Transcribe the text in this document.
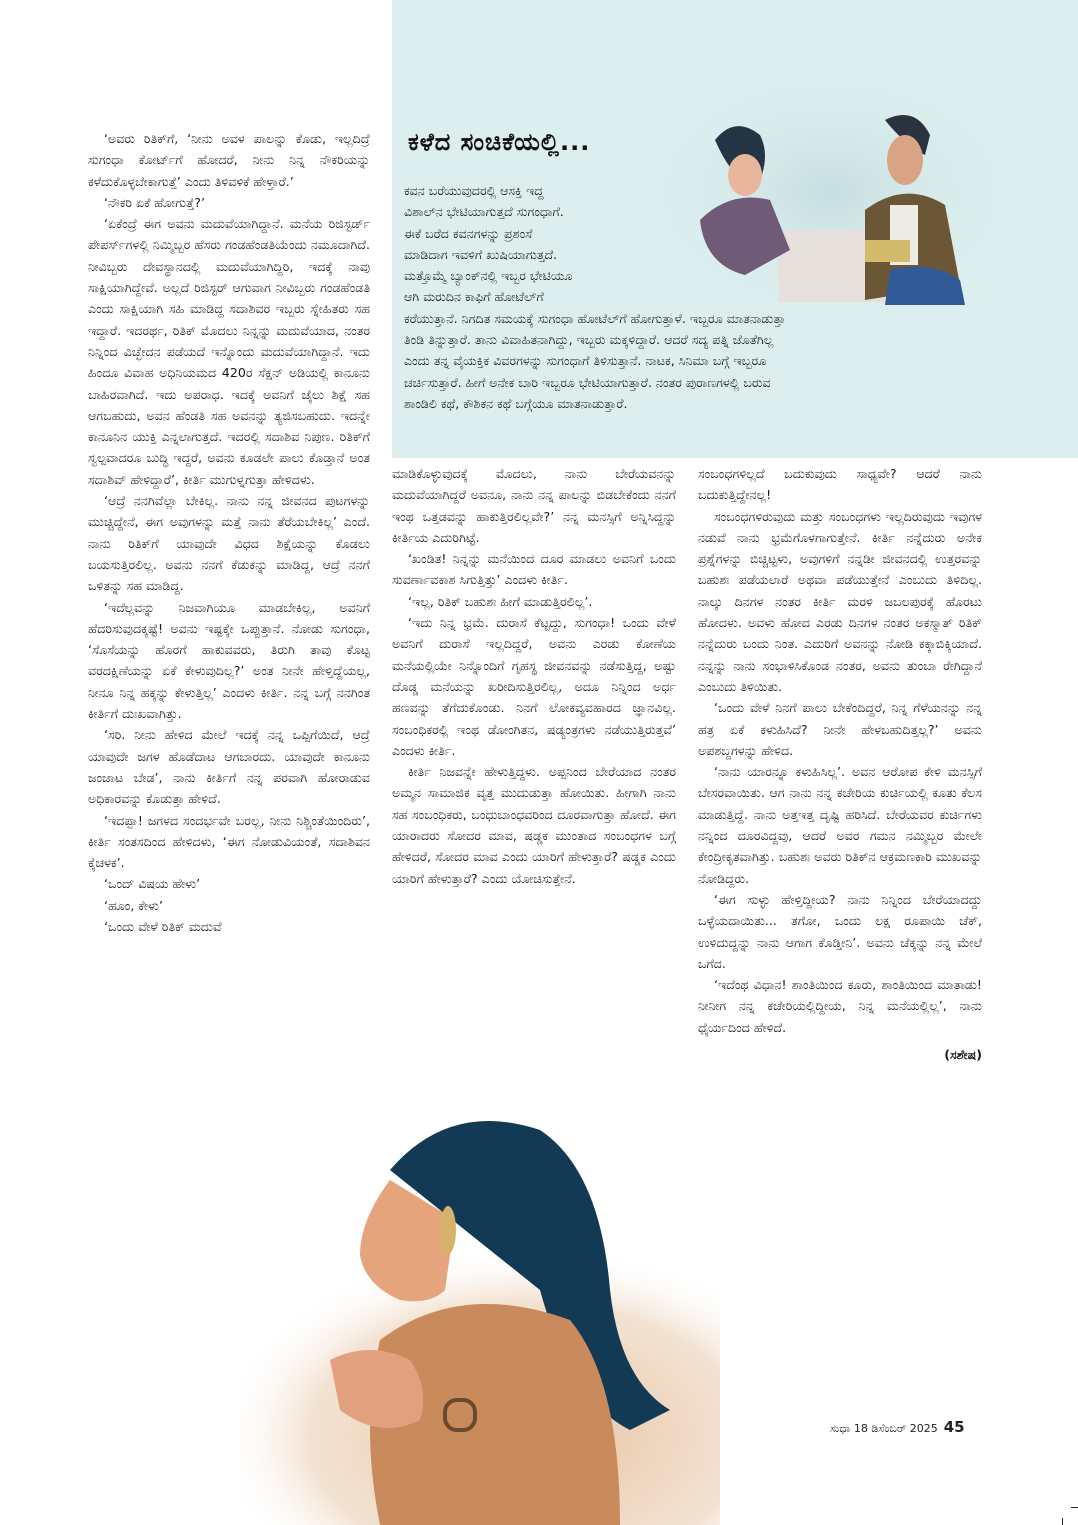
ಕಳೆದ ಸಂಚಿಕೆಯಲ್ಲಿ...
ಕವನ ಬರೆಯುವುದರಲ್ಲಿ ಆಸಕ್ತಿ ಇದ್ದ
ವಿಶಾಲ್‌ನ ಭೇಟಿಯಾಗುತ್ತದೆ ಸುಗಂಧಾಗೆ.
ಈಕೆ ಬರೆದ ಕವನಗಳನ್ನು ಪ್ರಶಂಸೆ
ಮಾಡಿದಾಗ ಇವಳಿಗೆ ಖುಷಿಯಾಗುತ್ತದೆ.
ಮತ್ತೊಮ್ಮೆ ಬ್ಯಾಂಕ್‌ನಲ್ಲಿ ಇಬ್ಬರ ಭೇಟಿಯೂ
ಆಗಿ ಮರುದಿನ ಕಾಫಿಗೆ ಹೋಟೆಲ್‌ಗೆ
ಕರೆಯುತ್ತಾನೆ. ನಿಗದಿತ ಸಮಯಕ್ಕೆ ಸುಗಂಧಾ ಹೋಟೆಲ್‌ಗೆ ಹೋಗುತ್ತಾಳೆ. ಇಬ್ಬರೂ ಮಾತನಾಡುತ್ತಾ
ತಿಂಡಿ ತಿನ್ನುತ್ತಾರೆ. ತಾನು ವಿವಾಹಿತನಾಗಿದ್ದು, ಇಬ್ಬರು ಮಕ್ಕಳಿದ್ದಾರೆ. ಆದರೆ ಸದ್ಯ ಪತ್ನಿ ಜೊತೆಗಿಲ್ಲ
ಎಂದು ತನ್ನ ವೈಯಕ್ತಿಕ ವಿವರಗಳನ್ನು ಸುಗಂಧಾಗೆ ತಿಳಿಸುತ್ತಾನೆ. ನಾಟಕ, ಸಿನಿಮಾ ಬಗ್ಗೆ ಇಬ್ಬರೂ
ಚರ್ಚಿಸುತ್ತಾರೆ. ಹೀಗೆ ಅನೇಕ ಬಾರಿ ಇಬ್ಬರೂ ಭೇಟಿಯಾಗುತ್ತಾರೆ. ನಂತರ ಪುರಾಣಗಳಲ್ಲಿ ಬರುವ
ಶಾಂಡಿಲಿ ಕಥೆ, ಕೌಶಿಕನ ಕಥೆ ಬಗ್ಗೆಯೂ ಮಾತನಾಡುತ್ತಾರೆ.

‘ಅವರು ರಿತಿಕ್‌ಗೆ, ‘ನೀನು ಅವಳ ಪಾಲನ್ನು ಕೊಡು, ಇಲ್ಲದಿದ್ರೆ ಸುಗಂಧಾ ಕೋರ್ಟ್‌ಗೆ ಹೋದರೆ, ನೀನು ನಿನ್ನ ನೌಕರಿಯನ್ನು ಕಳೆದುಕೊಳ್ಳಬೇಕಾಗುತ್ತೆ’ ಎಂದು ತಿಳಿವಳಿಕೆ ಹೇಳ್ತಾರೆ.’

‘ನೌಕರಿ ಏಕೆ ಹೋಗುತ್ತೆ?’

‘ಏಕೆಂದ್ರೆ ಈಗ ಅವನು ಮದುವೆಯಾಗಿದ್ದಾನೆ. ಮನೆಯ ರಿಜಿಸ್ಟರ್ಡ್ ಪೇಪರ್ಸ್‌ಗಳಲ್ಲಿ ನಿಮ್ಮಿಬ್ಬರ ಹೆಸರು ಗಂಡಹೆಂಡತಿಯೆಂದು ನಮೂದಾಗಿದೆ. ನೀವಿಬ್ಬರು ದೇವಸ್ಥಾನದಲ್ಲಿ ಮದುವೆಯಾಗಿದ್ದಿರಿ, ಇದಕ್ಕೆ ನಾವು ಸಾಕ್ಷಿಯಾಗಿದ್ದೇವೆ. ಅಲ್ಲದೆ ರಿಜಿಸ್ಟರ್ ಆಗುವಾಗ ನೀವಿಬ್ಬರು ಗಂಡಹೆಂಡತಿ ಎಂದು ಸಾಕ್ಷಿಯಾಗಿ ಸಹಿ ಮಾಡಿದ್ದ ಸದಾಶಿವರ ಇಬ್ಬರು ಸ್ನೇಹಿತರು ಸಹ ಇದ್ದಾರೆ. ಇದರರ್ಥ, ರಿತಿಕ್ ಮೊದಲು ನಿನ್ನನ್ನು ಮದುವೆಯಾದ, ನಂತರ ನಿನ್ನಿಂದ ವಿಚ್ಛೇದನ ಪಡೆಯದೆ ಇನ್ನೊಂದು ಮದುವೆಯಾಗಿದ್ದಾನೆ. ಇದು ಹಿಂದೂ ವಿವಾಹ ಅಧಿನಿಯಮದ 420ರ ಸೆಕ್ಷನ್ ಅಡಿಯಲ್ಲಿ ಕಾನೂನು ಬಾಹಿರವಾಗಿದೆ. ಇದು ಅಪರಾಧ. ಇದಕ್ಕೆ ಅವನಿಗೆ ಜೈಲು ಶಿಕ್ಷೆ ಸಹ ಆಗಬಹುದು, ಅವನ ಹೆಂಡತಿ ಸಹ ಅವನನ್ನು ತ್ಯಜಿಸಬಹುದು. ಇದನ್ನೇ ಕಾನೂನಿನ ಯುಕ್ತಿ ಎನ್ನಲಾಗುತ್ತದೆ. ಇದರಲ್ಲಿ ಸದಾಶಿವ ನಿಪುಣ. ರಿತಿಕ್‌ಗೆ ಸ್ವಲ್ಪವಾದರೂ ಬುದ್ಧಿ ಇದ್ದರೆ, ಅವನು ಕೂಡಲೇ ಪಾಲು ಕೊಡ್ತಾನೆ ಅಂತ ಸದಾಶಿವ್ ಹೇಳಿದ್ದಾರೆ’, ಕೀರ್ತಿ ಮುಗುಳ್ನಗುತ್ತಾ ಹೇಳಿದಳು.

‘ಆದ್ರೆ ನನಗಿವೆಲ್ಲಾ ಬೇಕಿಲ್ಲ. ನಾನು ನನ್ನ ಜೀವನದ ಪುಟಗಳನ್ನು ಮುಚ್ಚಿದ್ದೇನೆ, ಈಗ ಅವುಗಳನ್ನು ಮತ್ತೆ ನಾನು ತೆರೆಯಬೇಕಿಲ್ಲ’ ಎಂದೆ. ನಾನು ರಿತಿಕ್‌ಗೆ ಯಾವುದೇ ವಿಧದ ಶಿಕ್ಷೆಯನ್ನು ಕೊಡಲು ಬಯಸುತ್ತಿರಲಿಲ್ಲ. ಅವನು ನನಗೆ ಕೆಡುಕನ್ನು ಮಾಡಿದ್ದ, ಆದ್ರೆ ನನಗೆ ಒಳಿತನ್ನು ಸಹ ಮಾಡಿದ್ದ.

‘ಇದೆಲ್ಲವನ್ನು ನಿಜವಾಗಿಯೂ ಮಾಡಬೇಕಿಲ್ಲ, ಅವನಿಗೆ ಹೆದರಿಸುವುದಕ್ಕಷ್ಟೆ! ಅವನು ಇಷ್ಟಕ್ಕೇ ಒಪ್ಪುತ್ತಾನೆ. ನೋಡು ಸುಗಂಧಾ, ‘ಸೊಸೆಯನ್ನು ಹೊರಗೆ ಹಾಕುವವರು, ತಿರುಗಿ ತಾವು ಕೊಟ್ಟ ವರದಕ್ಷಿಣೆಯನ್ನು ಏಕೆ ಕೇಳುವುದಿಲ್ಲ?’ ಅಂತ ನೀನೇ ಹೇಳ್ತಿದ್ದೆಯಲ್ಲ, ನೀನೂ ನಿನ್ನ ಹಕ್ಕನ್ನು ಕೇಳುತ್ತಿಲ್ಲ’ ಎಂದಳು ಕೀರ್ತಿ. ನನ್ನ ಬಗ್ಗೆ ನನಗಿಂತ ಕೀರ್ತಿಗೆ ದುಃಖವಾಗಿತ್ತು.

‘ಸರಿ. ನೀನು ಹೇಳಿದ ಮೇಲೆ ಇದಕ್ಕೆ ನನ್ನ ಒಪ್ಪಿಗೆಯಿದೆ, ಆದ್ರೆ ಯಾವುದೇ ಜಗಳ ಹೊಡೆದಾಟ ಆಗಬಾರದು. ಯಾವುದೇ ಕಾನೂನು ಜಂಜಾಟ ಬೇಡ’, ನಾನು ಕೀರ್ತಿಗೆ ನನ್ನ ಪರವಾಗಿ ಹೋರಾಡುವ ಅಧಿಕಾರವನ್ನು ಕೊಡುತ್ತಾ ಹೇಳಿದೆ.

‘ಇದಪ್ಪಾ! ಜಗಳದ ಸಂದರ್ಭವೇ ಬರಲ್ಲ, ನೀನು ನಿಶ್ಚಿಂತೆಯಿಂದಿರು’, ಕೀರ್ತಿ ಸಂತಸದಿಂದ ಹೇಳಿದಳು, ‘ಈಗ ನೋಡುವಿಯಂತೆ, ಸದಾಶಿವನ ಕೈಚಳಕ’.

‘ಒಂದ್ ವಿಷಯ ಹೇಳು’

‘ಹೂಂ, ಕೇಳು’

‘ಒಂದು ವೇಳೆ ರಿತಿಕ್ ಮದುವೆ

ಮಾಡಿಕೊಳ್ಳುವುದಕ್ಕೆ ಮೊದಲು, ನಾನು ಬೇರೆಯವನನ್ನು ಮದುವೆಯಾಗಿದ್ದರೆ ಅವನೂ, ನಾನು ನನ್ನ ಪಾಲನ್ನು ಬಿಡಬೇಕೆಂದು ನನಗೆ ಇಂಥ ಒತ್ತಡವನ್ನು ಹಾಕುತ್ತಿರಲಿಲ್ಲವೇ?’ ನನ್ನ ಮನಸ್ಸಿಗೆ ಅನ್ನಿಸಿದ್ದನ್ನು ಕೀರ್ತಿಯ ಎದುರಿಗಿಟ್ಟೆ.

‘ಖಂಡಿತ! ನಿನ್ನನ್ನು ಮನೆಯಿಂದ ದೂರ ಮಾಡಲು ಅವನಿಗೆ ಒಂದು ಸುವರ್ಣಾವಕಾಶ ಸಿಗುತ್ತಿತ್ತು’ ಎಂದಳು ಕೀರ್ತಿ.

‘ಇಲ್ಲ, ರಿತಿಕ್ ಬಹುಶಃ ಹೀಗೆ ಮಾಡುತ್ತಿರಲಿಲ್ಲ’.

‘ಇದು ನಿನ್ನ ಭ್ರಮೆ. ದುರಾಸೆ ಕೆಟ್ಟದ್ದು, ಸುಗಂಧಾ! ಒಂದು ವೇಳೆ ಅವನಿಗೆ ದುರಾಸೆ ಇಲ್ಲದಿದ್ದರೆ, ಅವನು ಎರಡು ಕೋಣೆಯ ಮನೆಯಲ್ಲಿಯೇ ನಿನ್ನೊಂದಿಗೆ ಗೃಹಸ್ಥ ಜೀವನವನ್ನು ನಡೆಸುತ್ತಿದ್ದ, ಅಷ್ಟು ದೊಡ್ಡ ಮನೆಯನ್ನು ಖರೀದಿಸುತ್ತಿರಲಿಲ್ಲ, ಅದೂ ನಿನ್ನಿಂದ ಅರ್ಧ ಹಣವನ್ನು ತೆಗೆದುಕೊಂಡು. ನಿನಗೆ ಲೋಕವ್ಯವಹಾರದ ಜ್ಞಾನವಿಲ್ಲ. ಸಂಬಂಧಿಕರಲ್ಲಿ ಇಂಥ ಡೋಂಗಿತನ, ಷಡ್ಯಂತ್ರಗಳು ನಡೆಯುತ್ತಿರುತ್ತವೆ’ ಎಂದಳು ಕೀರ್ತಿ.

ಕೀರ್ತಿ ನಿಜವನ್ನೇ ಹೇಳುತ್ತಿದ್ದಳು. ಅಪ್ಪನಿಂದ ಬೇರೆಯಾದ ನಂತರ ಅಮ್ಮನ ಸಾಮಾಜಿಕ ವೃತ್ತ ಮುದುಡುತ್ತಾ ಹೋಯಿತು. ಹೀಗಾಗಿ ನಾನು ಸಹ ಸಂಬಂಧಿಕರು, ಬಂಧುಬಾಂಧವರಿಂದ ದೂರವಾಗುತ್ತಾ ಹೋದೆ. ಈಗ ಯಾರಾದರು ಸೋದರ ಮಾವ, ಷಡ್ಡಕ ಮುಂತಾದ ಸಂಬಂಧಗಳ ಬಗ್ಗೆ ಹೇಳಿದರೆ, ಸೋದರ ಮಾವ ಎಂದು ಯಾರಿಗೆ ಹೇಳುತ್ತಾರೆ? ಷಡ್ಡಕ ಎಂದು ಯಾರಿಗೆ ಹೇಳುತ್ತಾರೆ? ಎಂದು ಯೋಚಿಸುತ್ತೇನೆ.

ಸಂಬಂಧಗಳಿಲ್ಲದೆ ಬದುಕುವುದು ಸಾಧ್ಯವೇ? ಆದರೆ ನಾನು ಬದುಕುತ್ತಿದ್ದೇನಲ್ಲ!

ಸಂಬಂಧಗಳಿರುವುದು ಮತ್ತು ಸಂಬಂಧಗಳು ಇಲ್ಲದಿರುವುದು ಇವುಗಳ ನಡುವೆ ನಾನು ಭ್ರಮೆಗೊಳಗಾಗುತ್ತೇನೆ. ಕೀರ್ತಿ ನನ್ನೆದುರು ಅನೇಕ ಪ್ರಶ್ನೆಗಳನ್ನು ಬಿಚ್ಚಿಟ್ಟಳು, ಅವುಗಳಿಗೆ ನನ್ನಡೀ ಜೀವನದಲ್ಲಿ ಉತ್ತರವನ್ನು ಬಹುಶಃ ಪಡೆಯಲಾರೆ ಅಥವಾ ಪಡೆಯುತ್ತೇನೆ ಎಂಬುದು ತಿಳಿದಿಲ್ಲ. ನಾಲ್ಕು ದಿನಗಳ ನಂತರ ಕೀರ್ತಿ ಮರಳಿ ಜಬಲಪುರಕ್ಕೆ ಹೊರಟು ಹೋದಳು. ಅವಳು ಹೋದ ಎರಡು ದಿನಗಳ ನಂತರ ಅಕಸ್ಮಾತ್ ರಿತಿಕ್ ನನ್ನೆದುರು ಬಂದು ನಿಂತ. ಎದುರಿಗೆ ಅವನನ್ನು ನೋಡಿ ಕಕ್ಕಾಬಿಕ್ಕಿಯಾದೆ. ನನ್ನನ್ನು ನಾನು ಸಂಭಾಳಿಸಿಕೊಂಡ ನಂತರ, ಅವನು ತುಂಬಾ ರೇಗಿದ್ದಾನೆ ಎಂಬುದು ತಿಳಿಯಿತು.

‘ಒಂದು ವೇಳೆ ನಿನಗೆ ಪಾಲು ಬೇಕೆಂದಿದ್ದರೆ, ನಿನ್ನ ಗೆಳೆಯನನ್ನು ನನ್ನ ಹತ್ರ ಏಕೆ ಕಳುಹಿಸಿದೆ? ನೀನೇ ಹೇಳಬಹುದಿತ್ತಲ್ಲ?’ ಅವನು ಅಪಶಬ್ದಗಳನ್ನು ಹೇಳಿದ.

‘ನಾನು ಯಾರನ್ನೂ ಕಳುಹಿಸಿಲ್ಲ’. ಅವನ ಆರೋಪ ಕೇಳಿ ಮನಸ್ಸಿಗೆ ಬೇಸರವಾಯಿತು. ಆಗ ನಾನು ನನ್ನ ಕಚೇರಿಯ ಕುರ್ಚಿಯಲ್ಲಿ ಕೂತು ಕೆಲಸ ಮಾಡುತ್ತಿದ್ದೆ. ನಾನು ಅತ್ತಇತ್ತ ದೃಷ್ಟಿ ಹರಿಸಿದೆ. ಬೇರೆಯವರ ಕುರ್ಚಿಗಳು ನನ್ನಿಂದ ದೂರವಿದ್ದವು, ಆದರೆ ಅವರ ಗಮನ ನಮ್ಮಿಬ್ಬರ ಮೇಲೇ ಕೇಂದ್ರೀಕೃತವಾಗಿತ್ತು. ಬಹುಶಃ ಅವರು ರಿತಿಕ್‌ನ ಆಕ್ರಮಣಕಾರಿ ಮುಖವನ್ನು ನೋಡಿದ್ದರು.

‘ಈಗ ಸುಳ್ಳು ಹೇಳ್ತಿದ್ದೀಯ? ನಾನು ನಿನ್ನಿಂದ ಬೇರೆಯಾದದ್ದು ಒಳ್ಳೆಯದಾಯಿತು... ತಗೋ, ಒಂದು ಲಕ್ಷ ರೂಪಾಯಿ ಚೆಕ್, ಉಳಿದುದ್ದನ್ನು ನಾನು ಆಗಾಗ ಕೊಡ್ತೀನಿ’. ಅವನು ಚೆಕ್ಕನ್ನು ನನ್ನ ಮೇಲೆ ಒಗೆದ.

‘ಇದೆಂಥ ವಿಧಾನ! ಶಾಂತಿಯಿಂದ ಕೂರು, ಶಾಂತಿಯಿಂದ ಮಾತಾಡು! ನೀನೀಗ ನನ್ನ ಕಚೇರಿಯಲ್ಲಿದ್ದೀಯ, ನಿನ್ನ ಮನೆಯಲ್ಲಿಲ್ಲ’, ನಾನು ಧೈರ್ಯದಿಂದ ಹೇಳಿದೆ.

(ಸಶೇಷ)
ಸುಧಾ 18 ಡಿಸೆಂಬರ್ 2025 45
